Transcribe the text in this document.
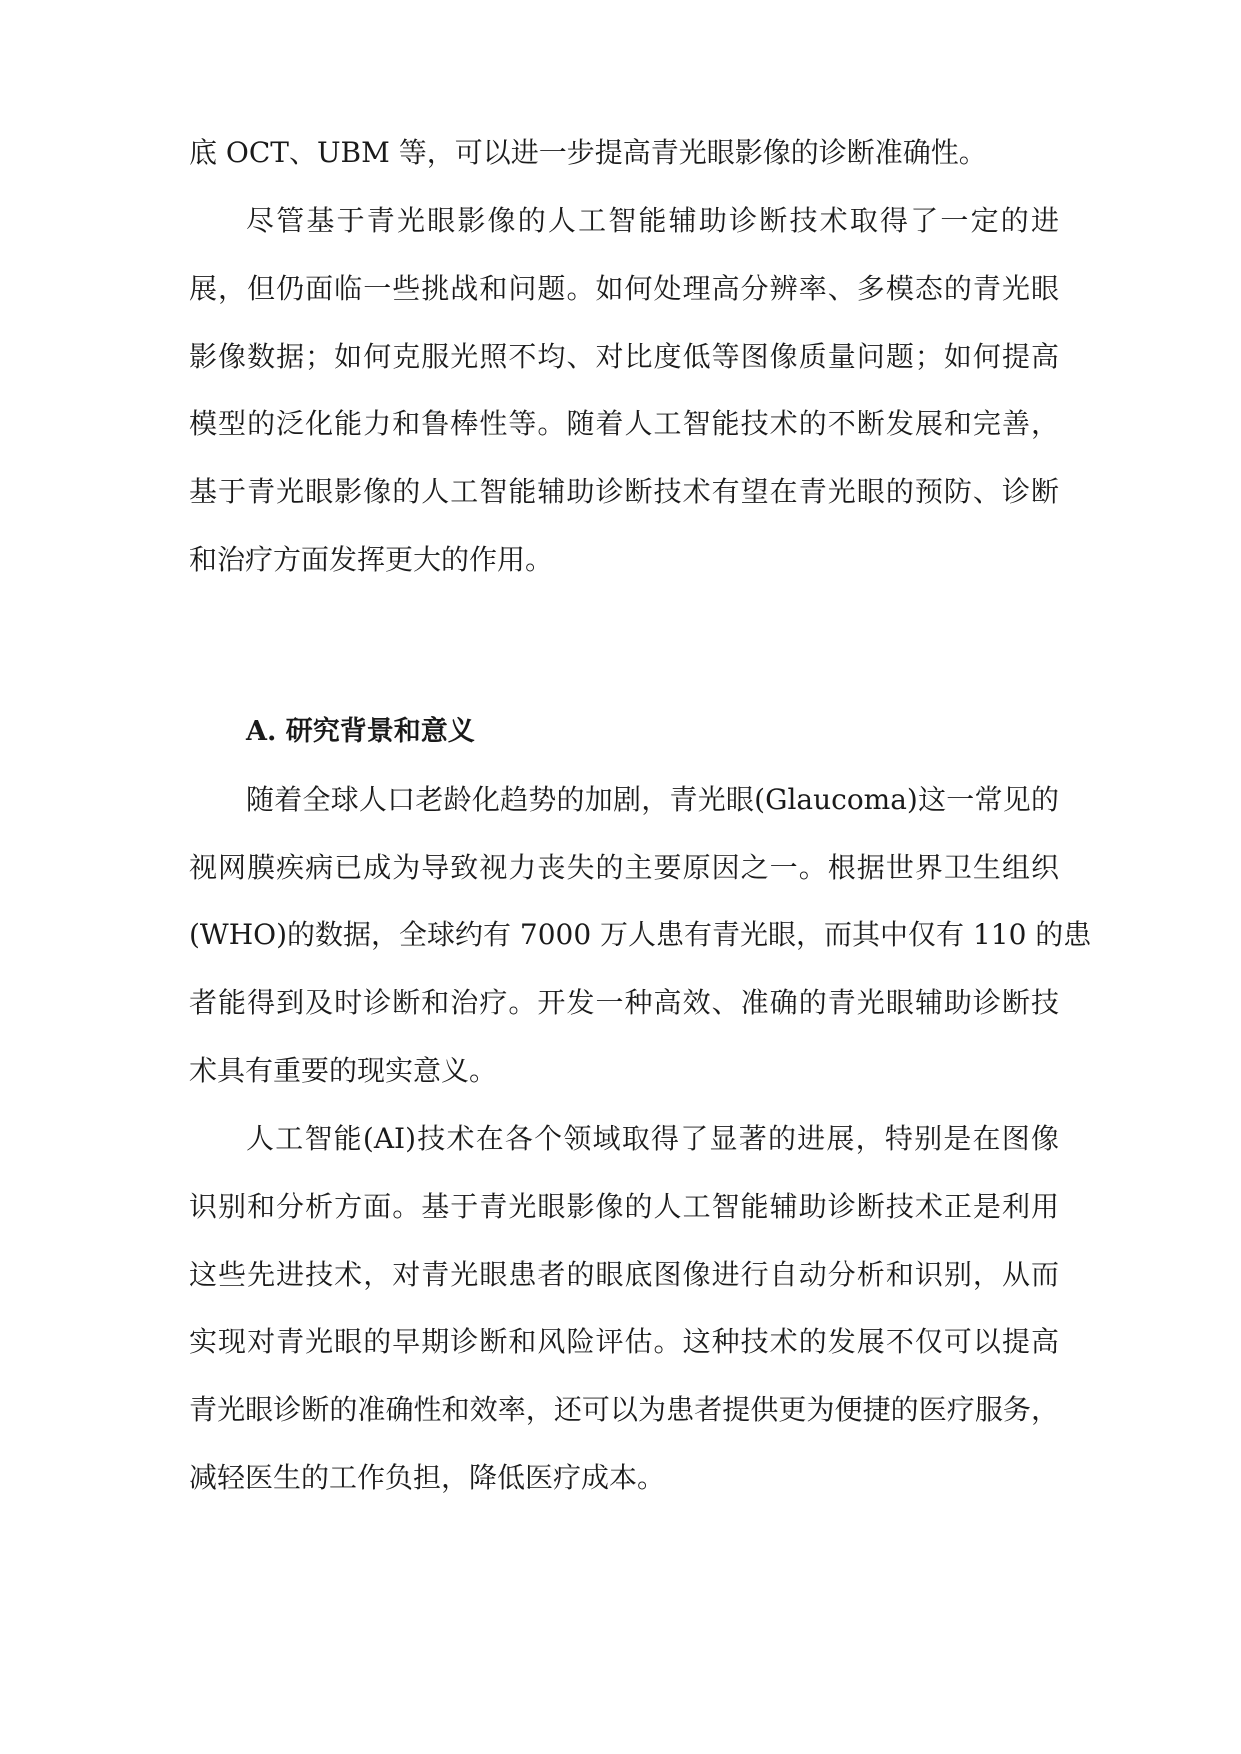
底 OCT、UBM 等，可以进一步提高青光眼影像的诊断准确性。
尽管基于青光眼影像的人工智能辅助诊断技术取得了一定的进
展，但仍面临一些挑战和问题。如何处理高分辨率、多模态的青光眼
影像数据；如何克服光照不均、对比度低等图像质量问题；如何提高
模型的泛化能力和鲁棒性等。随着人工智能技术的不断发展和完善，
基于青光眼影像的人工智能辅助诊断技术有望在青光眼的预防、诊断
和治疗方面发挥更大的作用。
A. 研究背景和意义
随着全球人口老龄化趋势的加剧，青光眼(Glaucoma)这一常见的
视网膜疾病已成为导致视力丧失的主要原因之一。根据世界卫生组织
(WHO)的数据，全球约有 7000 万人患有青光眼，而其中仅有 110 的患
者能得到及时诊断和治疗。开发一种高效、准确的青光眼辅助诊断技
术具有重要的现实意义。
人工智能(AI)技术在各个领域取得了显著的进展，特别是在图像
识别和分析方面。基于青光眼影像的人工智能辅助诊断技术正是利用
这些先进技术，对青光眼患者的眼底图像进行自动分析和识别，从而
实现对青光眼的早期诊断和风险评估。这种技术的发展不仅可以提高
青光眼诊断的准确性和效率，还可以为患者提供更为便捷的医疗服务，
减轻医生的工作负担，降低医疗成本。
